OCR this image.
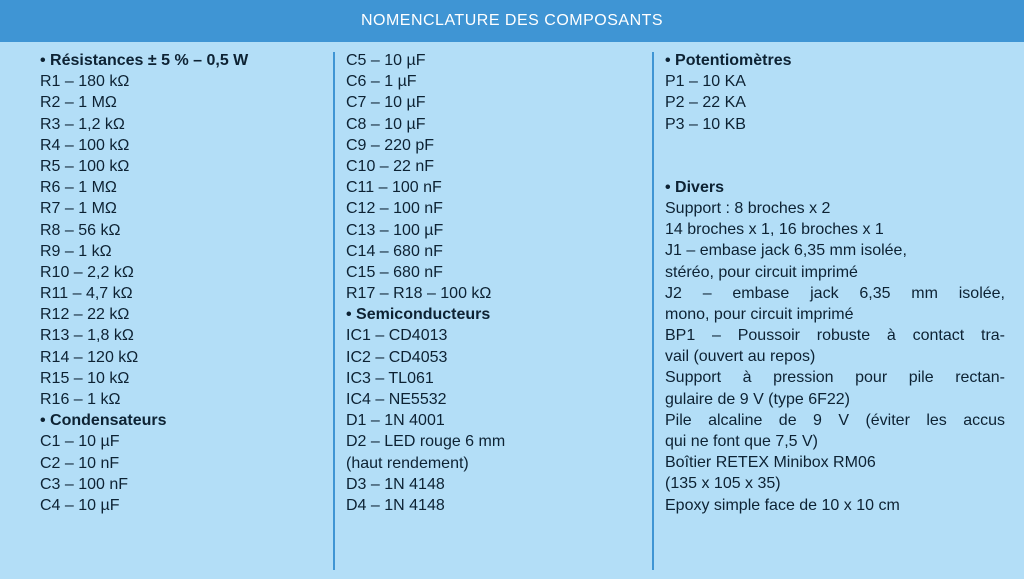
NOMENCLATURE DES COMPOSANTS
• Résistances ± 5 % – 0,5 W
R1 – 180 kΩ
R2 – 1 MΩ
R3 – 1,2 kΩ
R4 – 100 kΩ
R5 – 100 kΩ
R6 – 1 MΩ
R7 – 1 MΩ
R8 – 56 kΩ
R9 – 1 kΩ
R10 – 2,2 kΩ
R11 – 4,7 kΩ
R12 – 22 kΩ
R13 – 1,8 kΩ
R14 – 120 kΩ
R15 – 10 kΩ
R16 – 1 kΩ
• Condensateurs
C1 – 10 µF
C2 – 10 nF
C3 – 100 nF
C4 – 10 µF
C5 – 10 µF
C6 – 1 µF
C7 – 10 µF
C8 – 10 µF
C9 – 220 pF
C10 – 22 nF
C11 – 100 nF
C12 – 100 nF
C13 – 100 µF
C14 – 680 nF
C15 – 680 nF
R17 – R18 – 100 kΩ
• Semiconducteurs
IC1 – CD4013
IC2 – CD4053
IC3 – TL061
IC4 – NE5532
D1 – 1N 4001
D2 – LED rouge 6 mm
(haut rendement)
D3 – 1N 4148
D4 – 1N 4148
• Potentiomètres
P1 – 10 KA
P2 – 22 KA
P3 – 10 KB
• Divers
Support : 8 broches x 2
14 broches x 1, 16 broches x 1
J1 – embase jack 6,35 mm isolée,
stéréo, pour circuit imprimé
J2 – embase jack 6,35 mm isolée,
mono, pour circuit imprimé
BP1 – Poussoir robuste à contact tra-
vail (ouvert au repos)
Support à pression pour pile rectan-
gulaire de 9 V (type 6F22)
Pile alcaline de 9 V (éviter les accus
qui ne font que 7,5 V)
Boîtier RETEX Minibox RM06
(135 x 105 x 35)
Epoxy simple face de 10 x 10 cm
